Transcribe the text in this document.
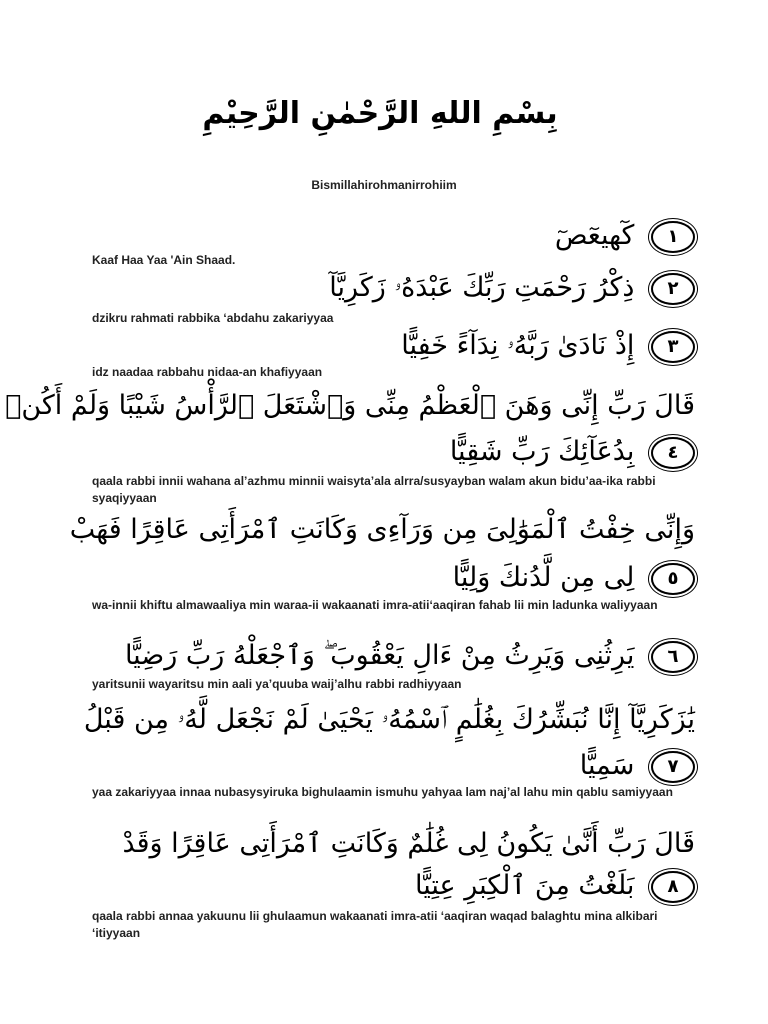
بِسْمِ اللهِ الرَّحْمٰنِ الرَّحِيْمِ
Bismillahirohmanirrohiim
١ كٓهيعٓصٓ
Kaaf Haa Yaa 'Ain Shaad.
٢ ذِكْرُ رَحْمَتِ رَبِّكَ عَبْدَهُۥ زَكَرِيَّآ
dzikru rahmati rabbika ‘abdahu zakariyyaa
٣ إِذْ نَادَىٰ رَبَّهُۥ نِدَآءً خَفِيًّا
idz naadaa rabbahu nidaa-an khafiyyaan
قَالَ رَبِّ إِنِّى وَهَنَ ٱلْعَظْمُ مِنِّى وَٱشْتَعَلَ ٱلرَّأْسُ شَيْبًا وَلَمْ أَكُنۢ
٤ بِدُعَآئِكَ رَبِّ شَقِيًّا
qaala rabbi innii wahana al’azhmu minnii waisyta’ala alrra/susyayban walam akun bidu’aa-ika rabbi syaqiyyaan
وَإِنِّى خِفْتُ ٱلْمَوَٰلِىَ مِن وَرَآءِى وَكَانَتِ ٱمْرَأَتِى عَاقِرًا فَهَبْ
٥ لِى مِن لَّدُنكَ وَلِيًّا
wa-innii khiftu almawaaliya min waraa-ii wakaanati imra-atii‘aaqiran fahab lii min ladunka waliyyaan
٦ يَرِثُنِى وَيَرِثُ مِنْ ءَالِ يَعْقُوبَ ۖ وَٱجْعَلْهُ رَبِّ رَضِيًّا
yaritsunii wayaritsu min aali ya’quuba waij’alhu rabbi radhiyyaan
يَٰزَكَرِيَّآ إِنَّا نُبَشِّرُكَ بِغُلَٰمٍ ٱسْمُهُۥ يَحْيَىٰ لَمْ نَجْعَل لَّهُۥ مِن قَبْلُ
٧ سَمِيًّا
yaa zakariyyaa innaa nubasysyiruka bighulaamin ismuhu yahyaa lam naj’al lahu min qablu samiyyaan
قَالَ رَبِّ أَنَّىٰ يَكُونُ لِى غُلَٰمٌ وَكَانَتِ ٱمْرَأَتِى عَاقِرًا وَقَدْ
٨ بَلَغْتُ مِنَ ٱلْكِبَرِ عِتِيًّا
qaala rabbi annaa yakuunu lii ghulaamun wakaanati imra-atii ‘aaqiran waqad balaghtu mina alkibari ‘itiyyaan
